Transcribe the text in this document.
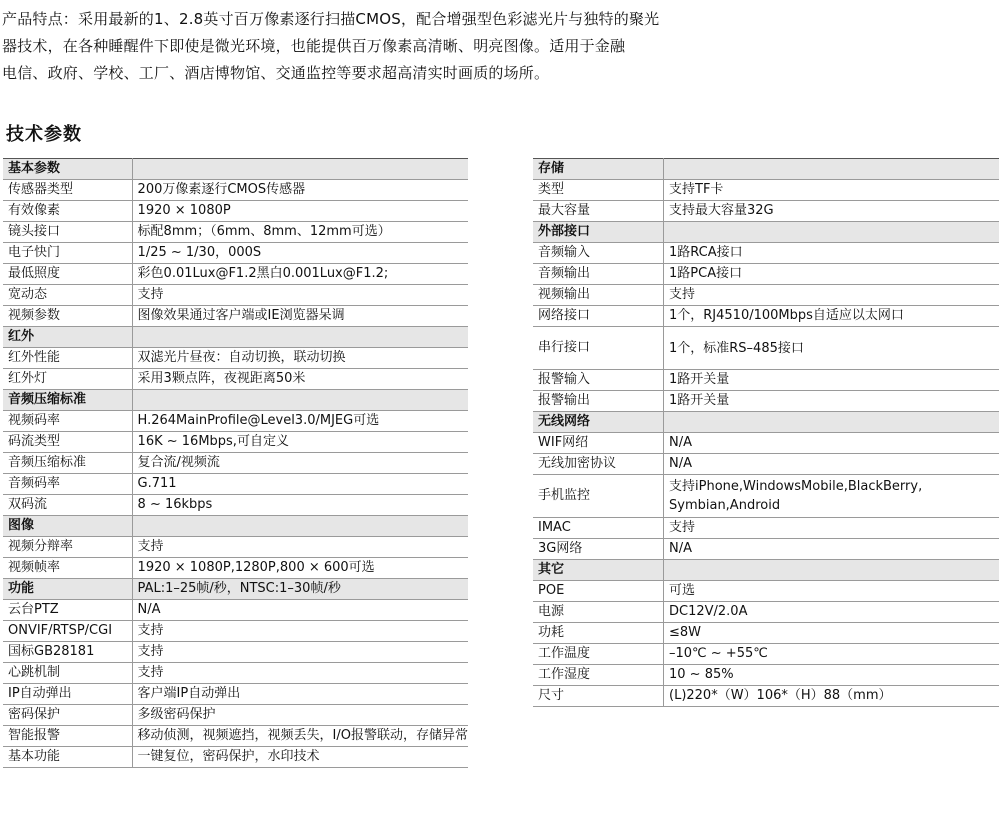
产品特点：采用最新的1、2.8英寸百万像素逐行扫描CMOS，配合增强型色彩滤光片与独特的聚光
器技术，在各种睡醒件下即使是微光环境，也能提供百万像素高清晰、明亮图像。适用于金融
电信、政府、学校、工厂、酒店博物馆、交通监控等要求超高清实时画质的场所。
技术参数
基本参数	
传感器类型	200万像素逐行CMOS传感器
有效像素	1920 × 1080P
镜头接口	标配8mm；（6mm、8mm、12mm可选）
电子快门	1/25 ~ 1/30，000S
最低照度	彩色0.01Lux@F1.2黑白0.001Lux@F1.2;
宽动态	支持
视频参数	图像效果通过客户端或IE浏览器呆调
红外	
红外性能	双滤光片昼夜：自动切换，联动切换
红外灯	采用3颗点阵，夜视距离50米
音频压缩标准	
视频码率	H.264MainProfile@Level3.0/MJEG可选
码流类型	16K ~ 16Mbps,可自定义
音频压缩标准	复合流/视频流
音频码率	G.711
双码流	8 ~ 16kbps
图像	
视频分辩率	支持
视频帧率	1920 × 1080P,1280P,800 × 600可选
功能	PAL:1–25帧/秒，NTSC:1–30帧/秒
云台PTZ	N/A
ONVIF/RTSP/CGI	支持
国标GB28181	支持
心跳机制	支持
IP自动弹出	客户端IP自动弹出
密码保护	多级密码保护
智能报警	移动侦测，视频遮挡，视频丢失，I/O报警联动，存储异常
基本功能	一键复位，密码保护，水印技术
存储	
类型	支持TF卡
最大容量	支持最大容量32G
外部接口	
音频输入	1路RCA接口
音频输出	1路PCA接口
视频输出	支持
网络接口	1个，RJ4510/100Mbps自适应以太网口
串行接口	1个，标准RS–485接口
报警输入	1路开关量
报警输出	1路开关量
无线网络	
WIF网绍	N/A
无线加密协议	N/A
手机监控	支持iPhone,WindowsMobile,BlackBerry,
Symbian,Android
IMAC	支持
3G网络	N/A
其它	
POE	可选
电源	DC12V/2.0A
功耗	≤8W
工作温度	–10℃ ~ +55℃
工作湿度	10 ~ 85%
尺寸	(L)220*（W）106*（H）88（mm）
